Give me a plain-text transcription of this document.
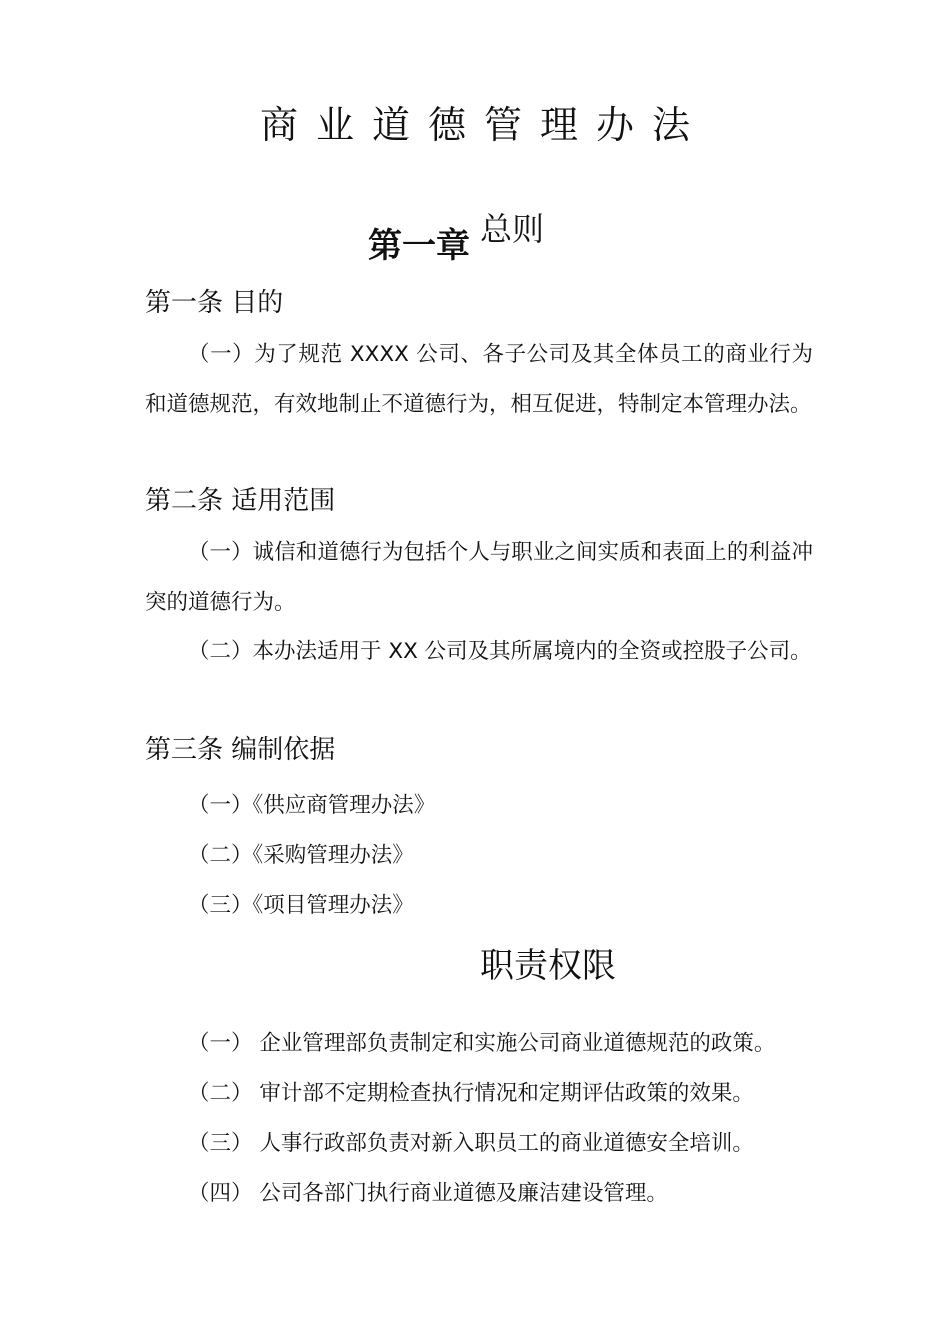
商业道德管理办法
第一章 总则
第一条 目的
（一）为了规范 XXXX 公司、各子公司及其全体员工的商业行为和道德规范，有效地制止不道德行为，相互促进，特制定本管理办法。
第二条 适用范围
（一）诚信和道德行为包括个人与职业之间实质和表面上的利益冲突的道德行为。
（二）本办法适用于 XX 公司及其所属境内的全资或控股子公司。
第三条 编制依据
（一）《供应商管理办法》
（二）《采购管理办法》
（三）《项目管理办法》
职责权限
（一） 企业管理部负责制定和实施公司商业道德规范的政策。
（二） 审计部不定期检查执行情况和定期评估政策的效果。
（三） 人事行政部负责对新入职员工的商业道德安全培训。
（四） 公司各部门执行商业道德及廉洁建设管理。
